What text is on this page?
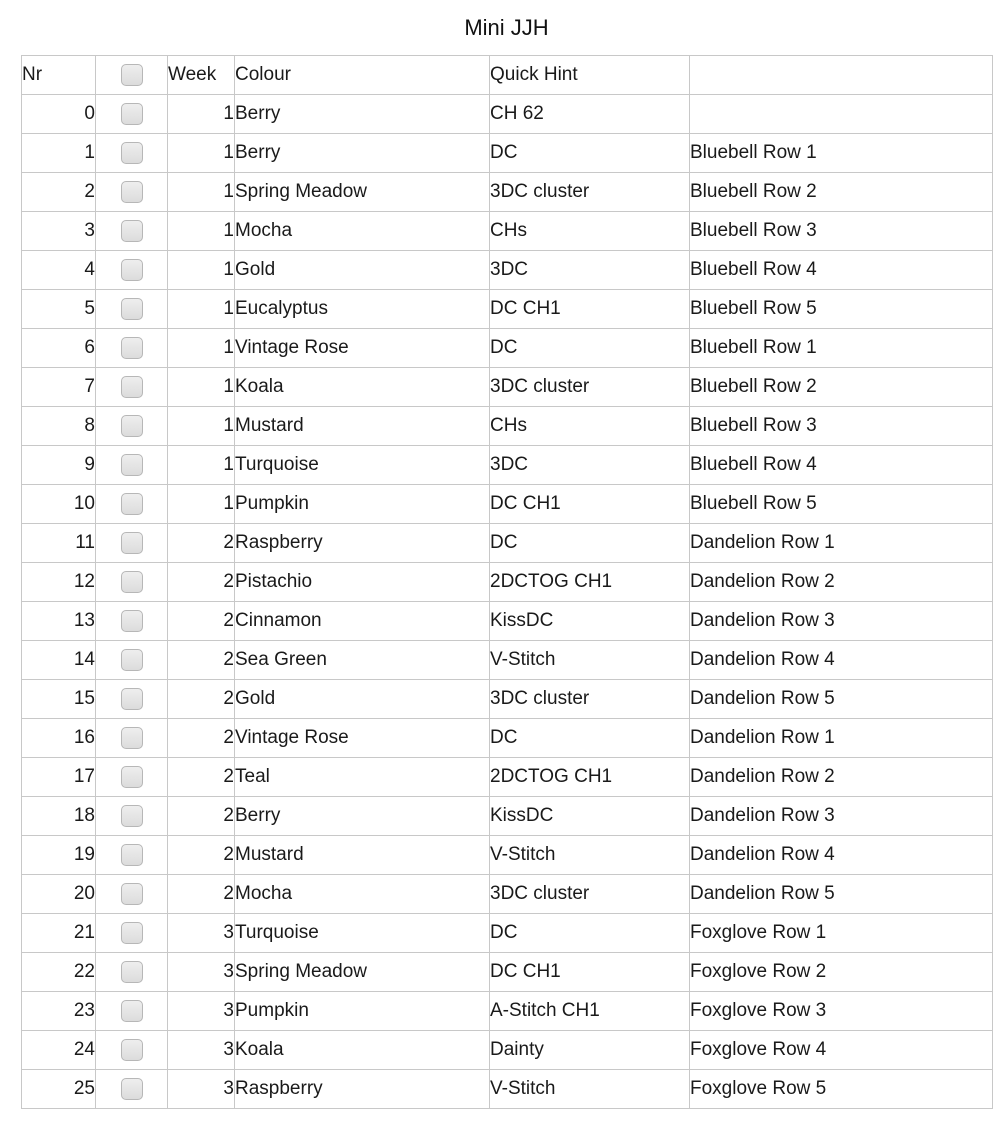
Mini JJH
Nr		Week	Colour	Quick Hint	
0		1	Berry	CH 62	
1		1	Berry	DC	Bluebell Row 1
2		1	Spring Meadow	3DC cluster	Bluebell Row 2
3		1	Mocha	CHs	Bluebell Row 3
4		1	Gold	3DC	Bluebell Row 4
5		1	Eucalyptus	DC CH1	Bluebell Row 5
6		1	Vintage Rose	DC	Bluebell Row 1
7		1	Koala	3DC cluster	Bluebell Row 2
8		1	Mustard	CHs	Bluebell Row 3
9		1	Turquoise	3DC	Bluebell Row 4
10		1	Pumpkin	DC CH1	Bluebell Row 5
11		2	Raspberry	DC	Dandelion Row 1
12		2	Pistachio	2DCTOG CH1	Dandelion Row 2
13		2	Cinnamon	KissDC	Dandelion Row 3
14		2	Sea Green	V-Stitch	Dandelion Row 4
15		2	Gold	3DC cluster	Dandelion Row 5
16		2	Vintage Rose	DC	Dandelion Row 1
17		2	Teal	2DCTOG CH1	Dandelion Row 2
18		2	Berry	KissDC	Dandelion Row 3
19		2	Mustard	V-Stitch	Dandelion Row 4
20		2	Mocha	3DC cluster	Dandelion Row 5
21		3	Turquoise	DC	Foxglove Row 1
22		3	Spring Meadow	DC CH1	Foxglove Row 2
23		3	Pumpkin	A-Stitch CH1	Foxglove Row 3
24		3	Koala	Dainty	Foxglove Row 4
25		3	Raspberry	V-Stitch	Foxglove Row 5
